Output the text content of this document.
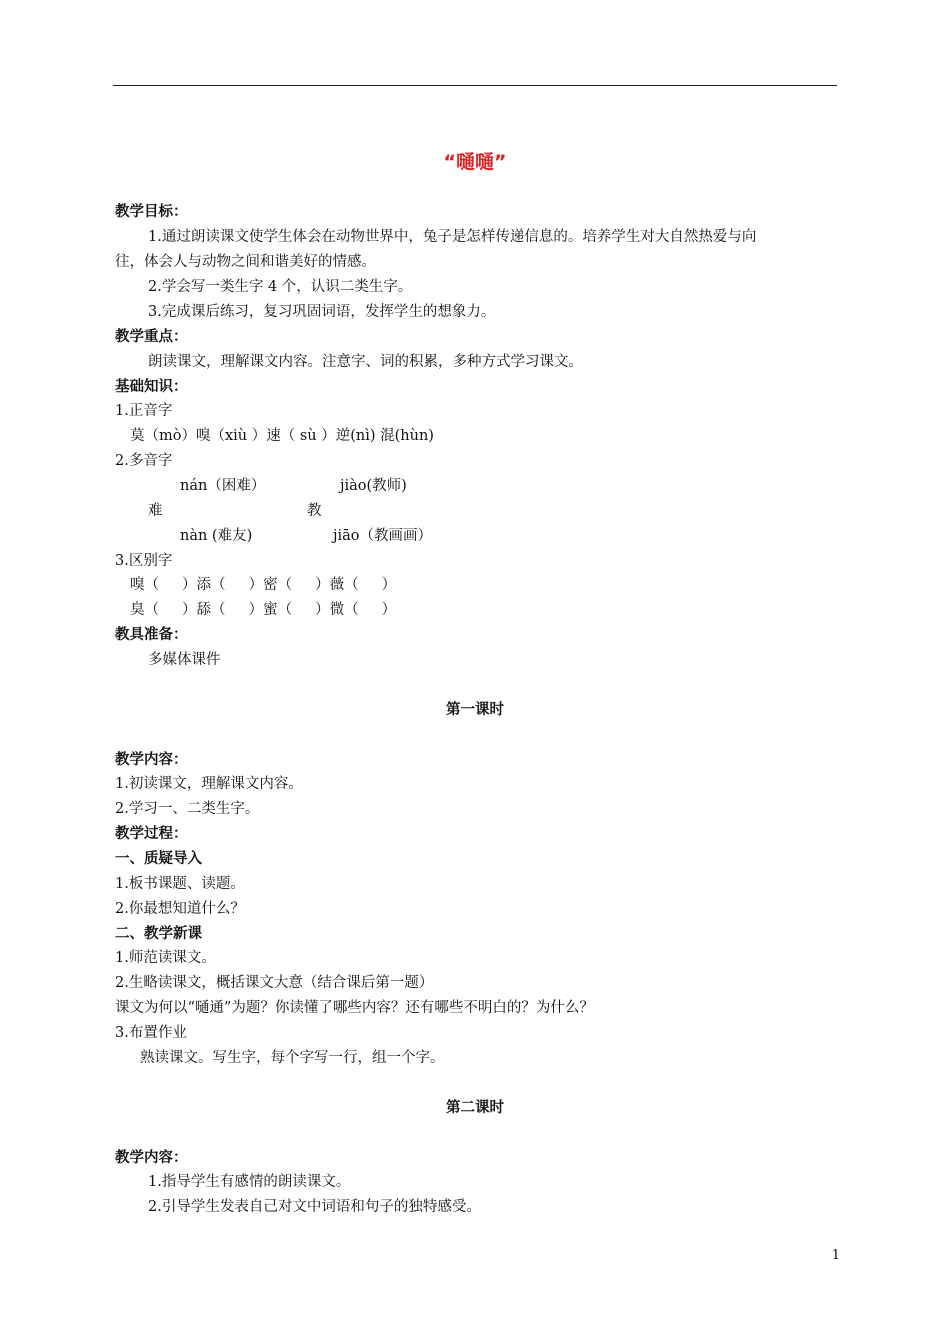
“嗵嗵”
教学目标：
1.通过朗读课文使学生体会在动物世界中，兔子是怎样传递信息的。培养学生对大自然热爱与向
往，体会人与动物之间和谐美好的情感。
2.学会写一类生字 4 个，认识二类生字。
3.完成课后练习，复习巩固词语，发挥学生的想象力。
教学重点：
朗读课文，理解课文内容。注意字、词的积累，多种方式学习课文。
基础知识：
1.正音字
莫（mò）嗅（xiù ）速（ sù ）逆(nì) 混(hùn)
2.多音字
nán（困难）	jiào(教师)
难	教
nàn (难友)	jiāo（教画画）
3.区别字
嗅（     ）添（     ）密（     ）薇（     ）
臭（     ）舔（     ）蜜（     ）微（     ）
教具准备：
多媒体课件
第一课时
教学内容：
1.初读课文，理解课文内容。
2.学习一、二类生字。
教学过程：
一、质疑导入
1.板书课题、读题。
2.你最想知道什么？
二、教学新课
1.师范读课文。
2.生略读课文，概括课文大意（结合课后第一题）
课文为何以“嗵通”为题？你读懂了哪些内容？还有哪些不明白的？为什么？
3.布置作业
熟读课文。写生字，每个字写一行，组一个字。
第二课时
教学内容：
1.指导学生有感情的朗读课文。
2.引导学生发表自己对文中词语和句子的独特感受。
1
